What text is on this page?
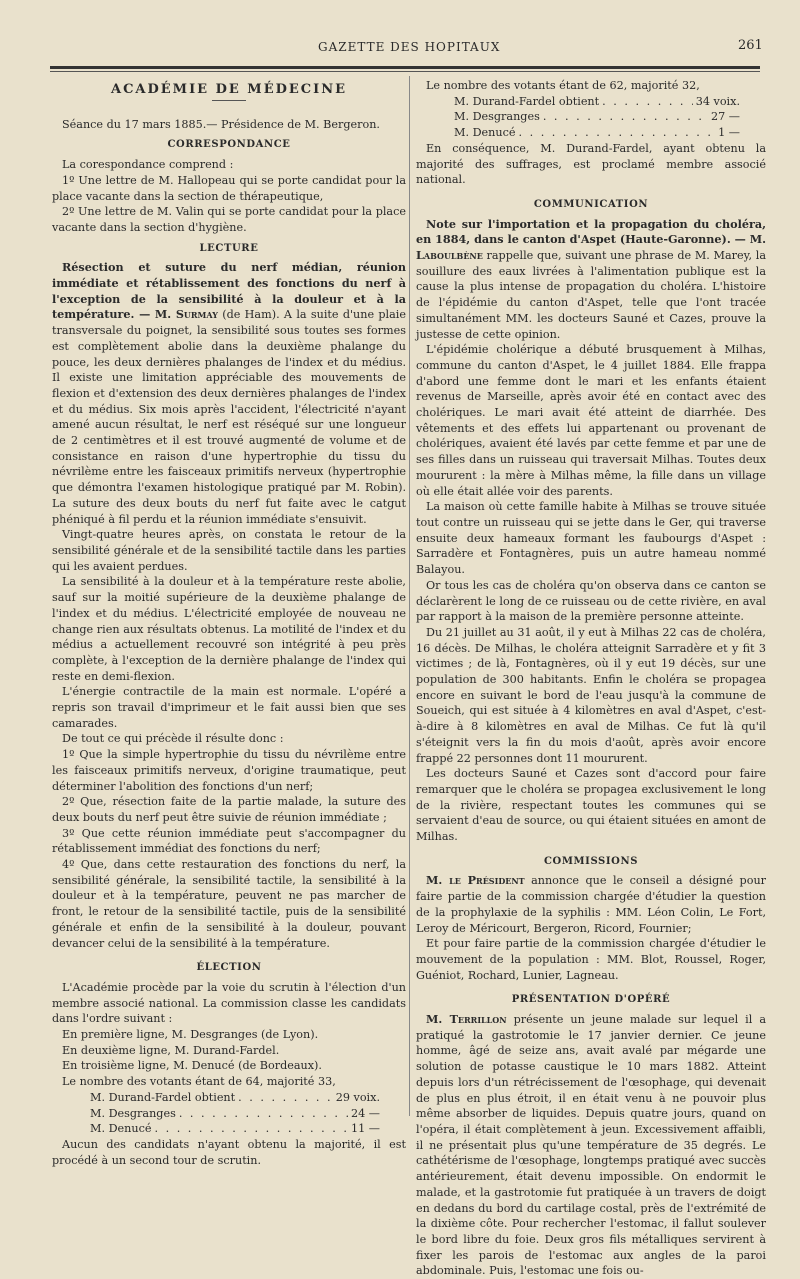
GAZETTE DES HOPITAUX	261
ACADÉMIE DE MÉDECINE

Séance du 17 mars 1885.— Présidence de M. Bergeron.

CORRESPONDANCE

La corespondance comprend :

1º Une lettre de M. Hallopeau qui se porte candidat pour la place vacante dans la section de thérapeutique,

2º Une lettre de M. Valin qui se porte candidat pour la place vacante dans la section d'hygiène.

LECTURE

Résection et suture du nerf médian, réunion immédiate et rétablissement des fonctions du nerf à l'exception de la sensibilité à la douleur et à la température. — M. Surmay (de Ham). A la suite d'une plaie transversale du poignet, la sensibilité sous toutes ses formes est complètement abolie dans la deuxième phalange du pouce, les deux dernières phalanges de l'index et du médius. Il existe une limitation appréciable des mouvements de flexion et d'extension des deux dernières phalanges de l'index et du médius. Six mois après l'accident, l'électricité n'ayant amené aucun résultat, le nerf est réséqué sur une longueur de 2 centimètres et il est trouvé augmenté de volume et de consistance en raison d'une hypertrophie du tissu du névrilème entre les faisceaux primitifs nerveux (hypertrophie que démontra l'examen histologique pratiqué par M. Robin). La suture des deux bouts du nerf fut faite avec le catgut phéniqué à fil perdu et la réunion immédiate s'ensuivit.

Vingt-quatre heures après, on constata le retour de la sensibilité générale et de la sensibilité tactile dans les parties qui les avaient perdues.

La sensibilité à la douleur et à la température reste abolie, sauf sur la moitié supérieure de la deuxième phalange de l'index et du médius. L'électricité employée de nouveau ne change rien aux résultats obtenus. La motilité de l'index et du médius a actuellement recouvré son intégrité à peu près complète, à l'exception de la dernière phalange de l'index qui reste en demi-flexion.

L'énergie contractile de la main est normale. L'opéré a repris son travail d'imprimeur et le fait aussi bien que ses camarades.

De tout ce qui précède il résulte donc :

1º Que la simple hypertrophie du tissu du névrilème entre les faisceaux primitifs nerveux, d'origine traumatique, peut déterminer l'abolition des fonctions d'un nerf;

2º Que, résection faite de la partie malade, la suture des deux bouts du nerf peut être suivie de réunion immédiate ;

3º Que cette réunion immédiate peut s'accompagner du rétablissement immédiat des fonctions du nerf;

4º Que, dans cette restauration des fonctions du nerf, la sensibilité générale, la sensibilité tactile, la sensibilité à la douleur et à la température, peuvent ne pas marcher de front, le retour de la sensibilité tactile, puis de la sensibilité générale et enfin de la sensibilité à la douleur, pouvant devancer celui de la sensibilité à la température.

ÉLECTION

L'Académie procède par la voie du scrutin à l'élection d'un membre associé national. La commission classe les candidats dans l'ordre suivant :

En première ligne, M. Desgranges (de Lyon).

En deuxième ligne, M. Durand-Fardel.

En troisième ligne, M. Denucé (de Bordeaux).

Le nombre des votants étant de 64, majorité 33,

M. Durand-Fardel obtient . . .	29 voix.
M. Desgranges . . .	24 —
M. Denucé . . .	11 —

Aucun des candidats n'ayant obtenu la majorité, il est procédé à un second tour de scrutin.

Le nombre des votants étant de 62, majorité 32,

M. Durand-Fardel obtient . . .	34 voix.
M. Desgranges . . .	27 —
M. Denucé . . .	1 —

En conséquence, M. Durand-Fardel, ayant obtenu la majorité des suffrages, est proclamé membre associé national.

COMMUNICATION

Note sur l'importation et la propagation du choléra, en 1884, dans le canton d'Aspet (Haute-Garonne). — M. Laboulbène rappelle que, suivant une phrase de M. Marey, la souillure des eaux livrées à l'alimentation publique est la cause la plus intense de propagation du choléra. L'histoire de l'épidémie du canton d'Aspet, telle que l'ont tracée simultanément MM. les docteurs Sauné et Cazes, prouve la justesse de cette opinion.

L'épidémie cholérique a débuté brusquement à Milhas, commune du canton d'Aspet, le 4 juillet 1884. Elle frappa d'abord une femme dont le mari et les enfants étaient revenus de Marseille, après avoir été en contact avec des cholériques. Le mari avait été atteint de diarrhée. Des vêtements et des effets lui appartenant ou provenant de cholériques, avaient été lavés par cette femme et par une de ses filles dans un ruisseau qui traversait Milhas. Toutes deux moururent : la mère à Milhas même, la fille dans un village où elle était allée voir des parents.

La maison où cette famille habite à Milhas se trouve située tout contre un ruisseau qui se jette dans le Ger, qui traverse ensuite deux hameaux formant les faubourgs d'Aspet : Sarradère et Fontagnères, puis un autre hameau nommé Balayou.

Or tous les cas de choléra qu'on observa dans ce canton se déclarèrent le long de ce ruisseau ou de cette rivière, en aval par rapport à la maison de la première personne atteinte.

Du 21 juillet au 31 août, il y eut à Milhas 22 cas de choléra, 16 décès. De Milhas, le choléra atteignit Sarradère et y fit 3 victimes ; de là, Fontagnères, où il y eut 19 décès, sur une population de 300 habitants. Enfin le choléra se propagea encore en suivant le bord de l'eau jusqu'à la commune de Soueich, qui est située à 4 kilomètres en aval d'Aspet, c'est-à-dire à 8 kilomètres en aval de Milhas. Ce fut là qu'il s'éteignit vers la fin du mois d'août, après avoir encore frappé 22 personnes dont 11 moururent.

Les docteurs Sauné et Cazes sont d'accord pour faire remarquer que le choléra se propagea exclusivement le long de la rivière, respectant toutes les communes qui se servaient d'eau de source, ou qui étaient situées en amont de Milhas.

COMMISSIONS

M. le Président annonce que le conseil a désigné pour faire partie de la commission chargée d'étudier la question de la prophylaxie de la syphilis : MM. Léon Colin, Le Fort, Leroy de Méricourt, Bergeron, Ricord, Fournier;

Et pour faire partie de la commission chargée d'étudier le mouvement de la population : MM. Blot, Roussel, Roger, Guéniot, Rochard, Lunier, Lagneau.

PRÉSENTATION D'OPÉRÉ

M. Terrillon présente un jeune malade sur lequel il a pratiqué la gastrotomie le 17 janvier dernier. Ce jeune homme, âgé de seize ans, avait avalé par mégarde une solution de potasse caustique le 10 mars 1882. Atteint depuis lors d'un rétrécissement de l'œsophage, qui devenait de plus en plus étroit, il en était venu à ne pouvoir plus même absorber de liquides. Depuis quatre jours, quand on l'opéra, il était complètement à jeun. Excessivement affaibli, il ne présentait plus qu'une température de 35 degrés. Le cathétérisme de l'œsophage, longtemps pratiqué avec succès antérieurement, était devenu impossible. On endormit le malade, et la gastrotomie fut pratiquée à un travers de doigt en dedans du bord du cartilage costal, près de l'extrémité de la dixième côte. Pour rechercher l'estomac, il fallut soulever le bord libre du foie. Deux gros fils métalliques servirent à fixer les parois de l'estomac aux angles de la paroi abdominale. Puis, l'estomac une fois ou-
